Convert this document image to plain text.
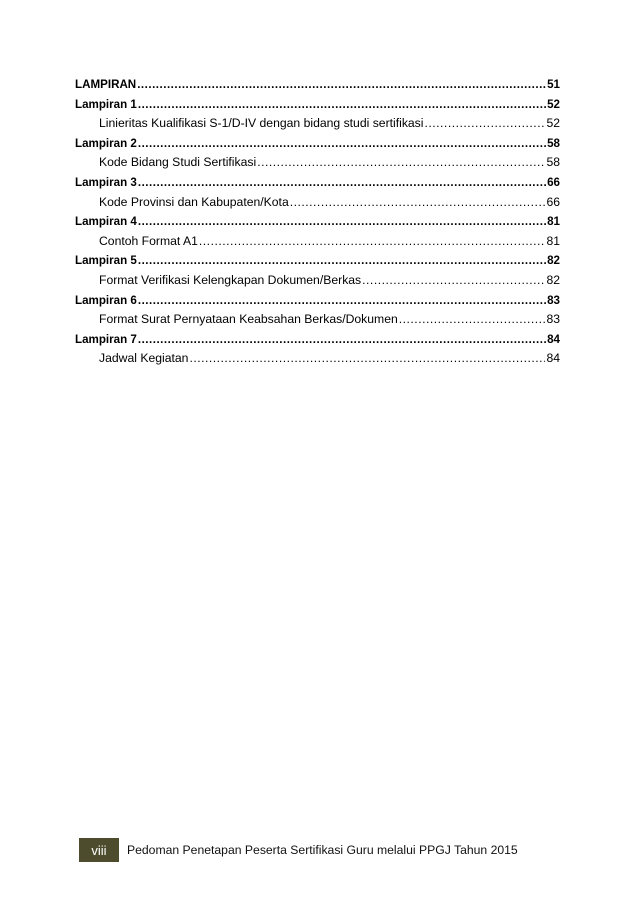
LAMPIRAN .....	51
Lampiran 1 .....	52
Linieritas Kualifikasi S-1/D-IV dengan bidang studi sertifikasi .....	52
Lampiran 2 .....	58
Kode Bidang Studi Sertifikasi .....	58
Lampiran 3 .....	66
Kode Provinsi dan Kabupaten/Kota .....	66
Lampiran 4 .....	81
Contoh Format A1 .....	81
Lampiran 5 .....	82
Format Verifikasi Kelengkapan Dokumen/Berkas .....	82
Lampiran 6 .....	83
Format Surat Pernyataan Keabsahan Berkas/Dokumen .....	83
Lampiran 7 .....	84
Jadwal Kegiatan .....	84
viii	Pedoman Penetapan Peserta Sertifikasi Guru melalui PPGJ Tahun 2015
